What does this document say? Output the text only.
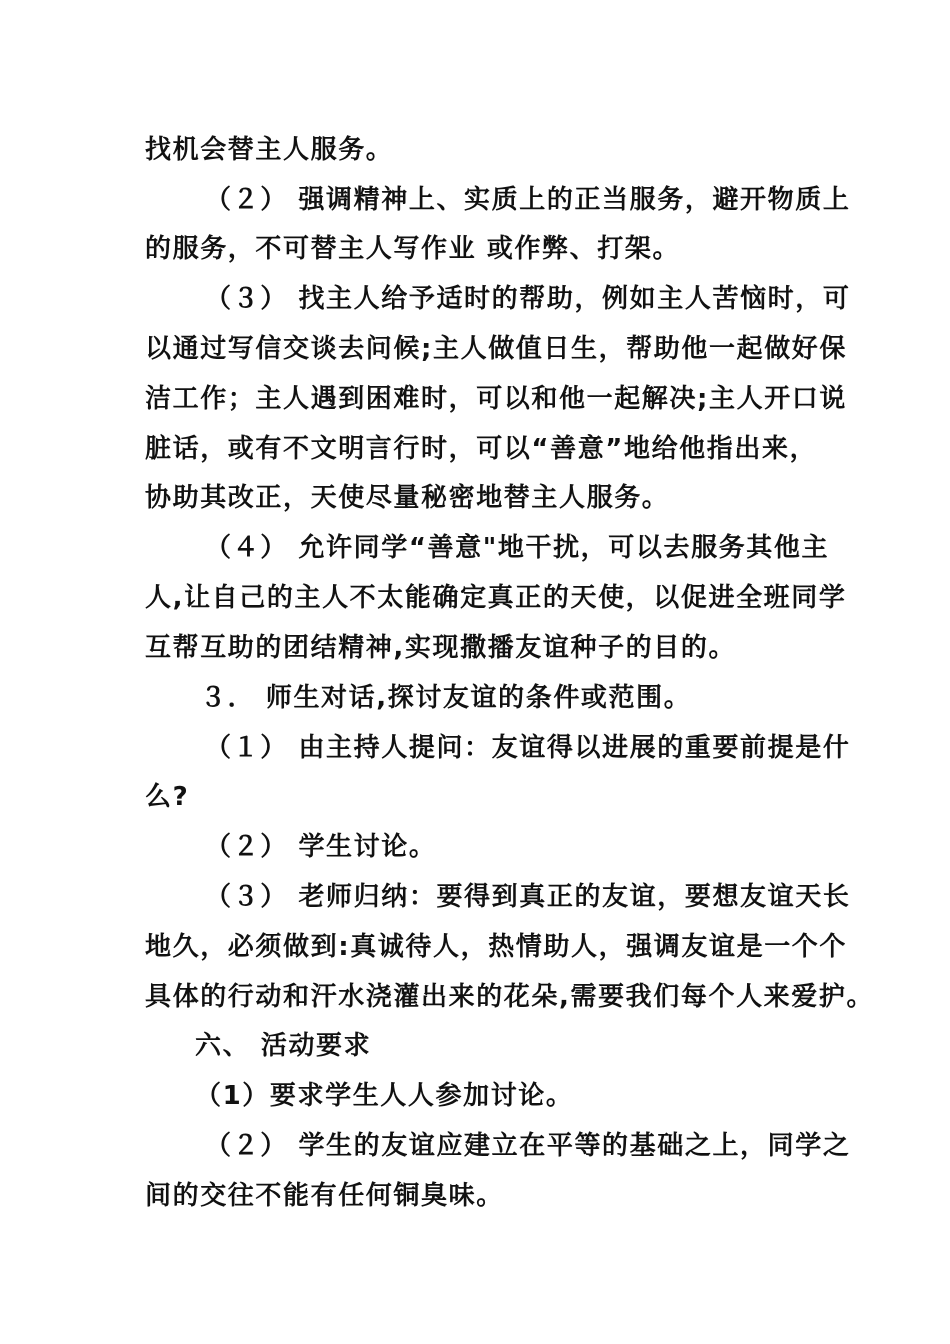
找机会替主人服务。
（２） 强调精神上、实质上的正当服务，避开物质上
的服务，不可替主人写作业 或作弊、打架。
（３） 找主人给予适时的帮助，例如主人苦恼时，可
以通过写信交谈去问候;主人做值日生，帮助他一起做好保
洁工作；主人遇到困难时，可以和他一起解决;主人开口说
脏话，或有不文明言行时，可以“善意”地给他指出来，
协助其改正，天使尽量秘密地替主人服务。
（４） 允许同学“善意"地干扰，可以去服务其他主
人,让自己的主人不太能确定真正的天使，以促进全班同学
互帮互助的团结精神,实现撒播友谊种子的目的。
３． 师生对话,探讨友谊的条件或范围。
（１） 由主持人提问：友谊得以进展的重要前提是什
么?
（２） 学生讨论。
（３） 老师归纳：要得到真正的友谊，要想友谊天长
地久，必须做到:真诚待人，热情助人，强调友谊是一个个
具体的行动和汗水浇灌出来的花朵,需要我们每个人来爱护。
六、 活动要求
（1）要求学生人人参加讨论。
（２） 学生的友谊应建立在平等的基础之上，同学之
间的交往不能有任何铜臭味。
